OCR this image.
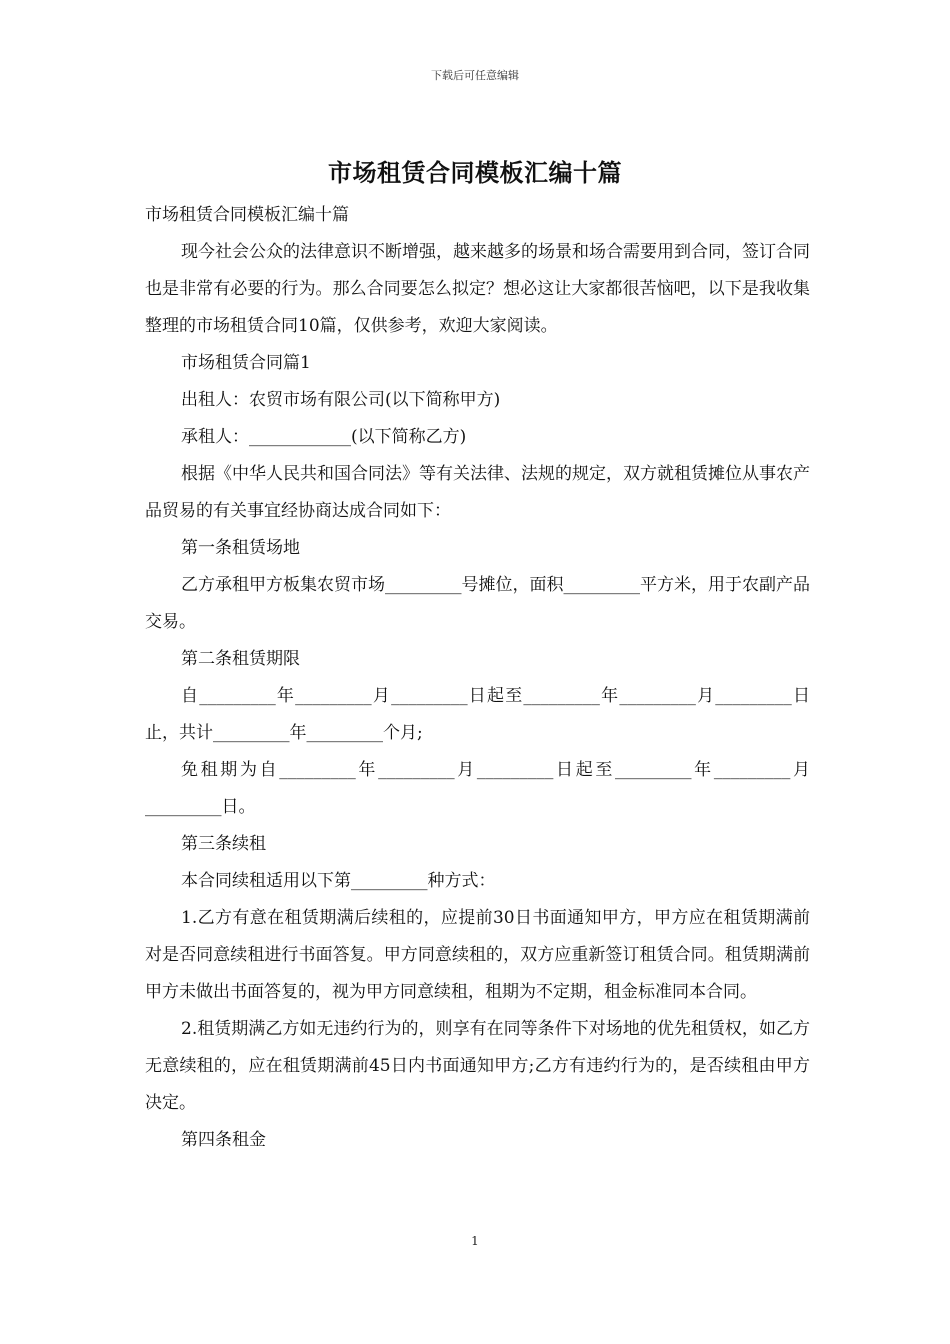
下载后可任意编辑
市场租赁合同模板汇编十篇

市场租赁合同模板汇编十篇

现今社会公众的法律意识不断增强，越来越多的场景和场合需要用到合同，签订合同也是非常有必要的行为。那么合同要怎么拟定？想必这让大家都很苦恼吧，以下是我收集整理的市场租赁合同10篇，仅供参考，欢迎大家阅读。

市场租赁合同篇1

出租人：农贸市场有限公司(以下简称甲方)

承租人：____________(以下简称乙方)

根据《中华人民共和国合同法》等有关法律、法规的规定，双方就租赁摊位从事农产品贸易的有关事宜经协商达成合同如下：

第一条租赁场地

乙方承租甲方板集农贸市场_________号摊位，面积_________平方米，用于农副产品交易。

第二条租赁期限

自_________年_________月_________日起至_________年_________月_________日止，共计_________年_________个月;

免租期为自_________年_________月_________日起至_________年_________月_________日。

第三条续租

本合同续租适用以下第_________种方式：

1.乙方有意在租赁期满后续租的，应提前30日书面通知甲方，甲方应在租赁期满前对是否同意续租进行书面答复。甲方同意续租的，双方应重新签订租赁合同。租赁期满前甲方未做出书面答复的，视为甲方同意续租，租期为不定期，租金标准同本合同。

2.租赁期满乙方如无违约行为的，则享有在同等条件下对场地的优先租赁权，如乙方无意续租的，应在租赁期满前45日内书面通知甲方;乙方有违约行为的，是否续租由甲方决定。

第四条租金

1
